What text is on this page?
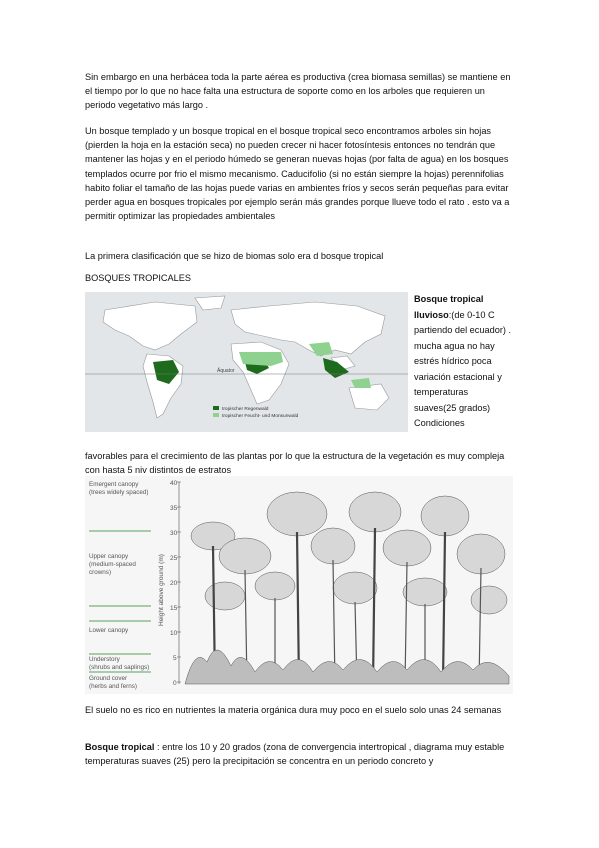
Sin embargo en una herbácea toda la parte aérea es productiva (crea biomasa semillas) se mantiene en el tiempo por lo que no hace falta una estructura de soporte como en los arboles que requieren un periodo vegetativo más largo .

Un bosque templado y un bosque tropical en el bosque tropical seco encontramos arboles sin hojas (pierden la hoja en la estación seca) no pueden crecer ni hacer fotosíntesis entonces no tendrán que mantener las hojas y en el periodo húmedo se generan nuevas hojas (por falta de agua) en los bosques templados ocurre por frio el mismo mecanismo. Caducifolio (si no están siempre la hojas) perennifolias habito foliar el tamaño de las hojas puede varias en ambientes fríos y secos serán pequeñas para evitar perder agua en bosques tropicales por ejemplo serán más grandes porque llueve todo el rato . esto va a permitir optimizar las propiedades ambientales

La primera clasificación que se hizo de biomas solo era d bosque tropical

BOSQUES TROPICALES

Äquator
tropischer Regenwald
tropischer Feucht- und Monsunwald

Bosque tropical lluvioso:(de 0-10 C partiendo del ecuador) . mucha agua no hay estrés hídrico poca variación estacional y temperaturas suaves(25 grados) Condiciones

favorables para el crecimiento de las plantas por lo que la estructura de la vegetación es muy compleja con hasta 5 niv distintos de estratos

Emergent canopy (trees widely spaced)
Upper canopy (medium-spaced crowns)
Lower canopy
Understory (shrubs and saplings)
Ground cover (herbs and ferns)
40
35
30
25
20
15
10
5
0
Height above ground (m)

El suelo no es rico en nutrientes la materia orgánica dura muy poco en el suelo solo unas 24 semanas

Bosque tropical : entre los 10 y 20 grados (zona de convergencia intertropical , diagrama muy estable temperaturas suaves (25) pero la precipitación se concentra en un periodo concreto y
